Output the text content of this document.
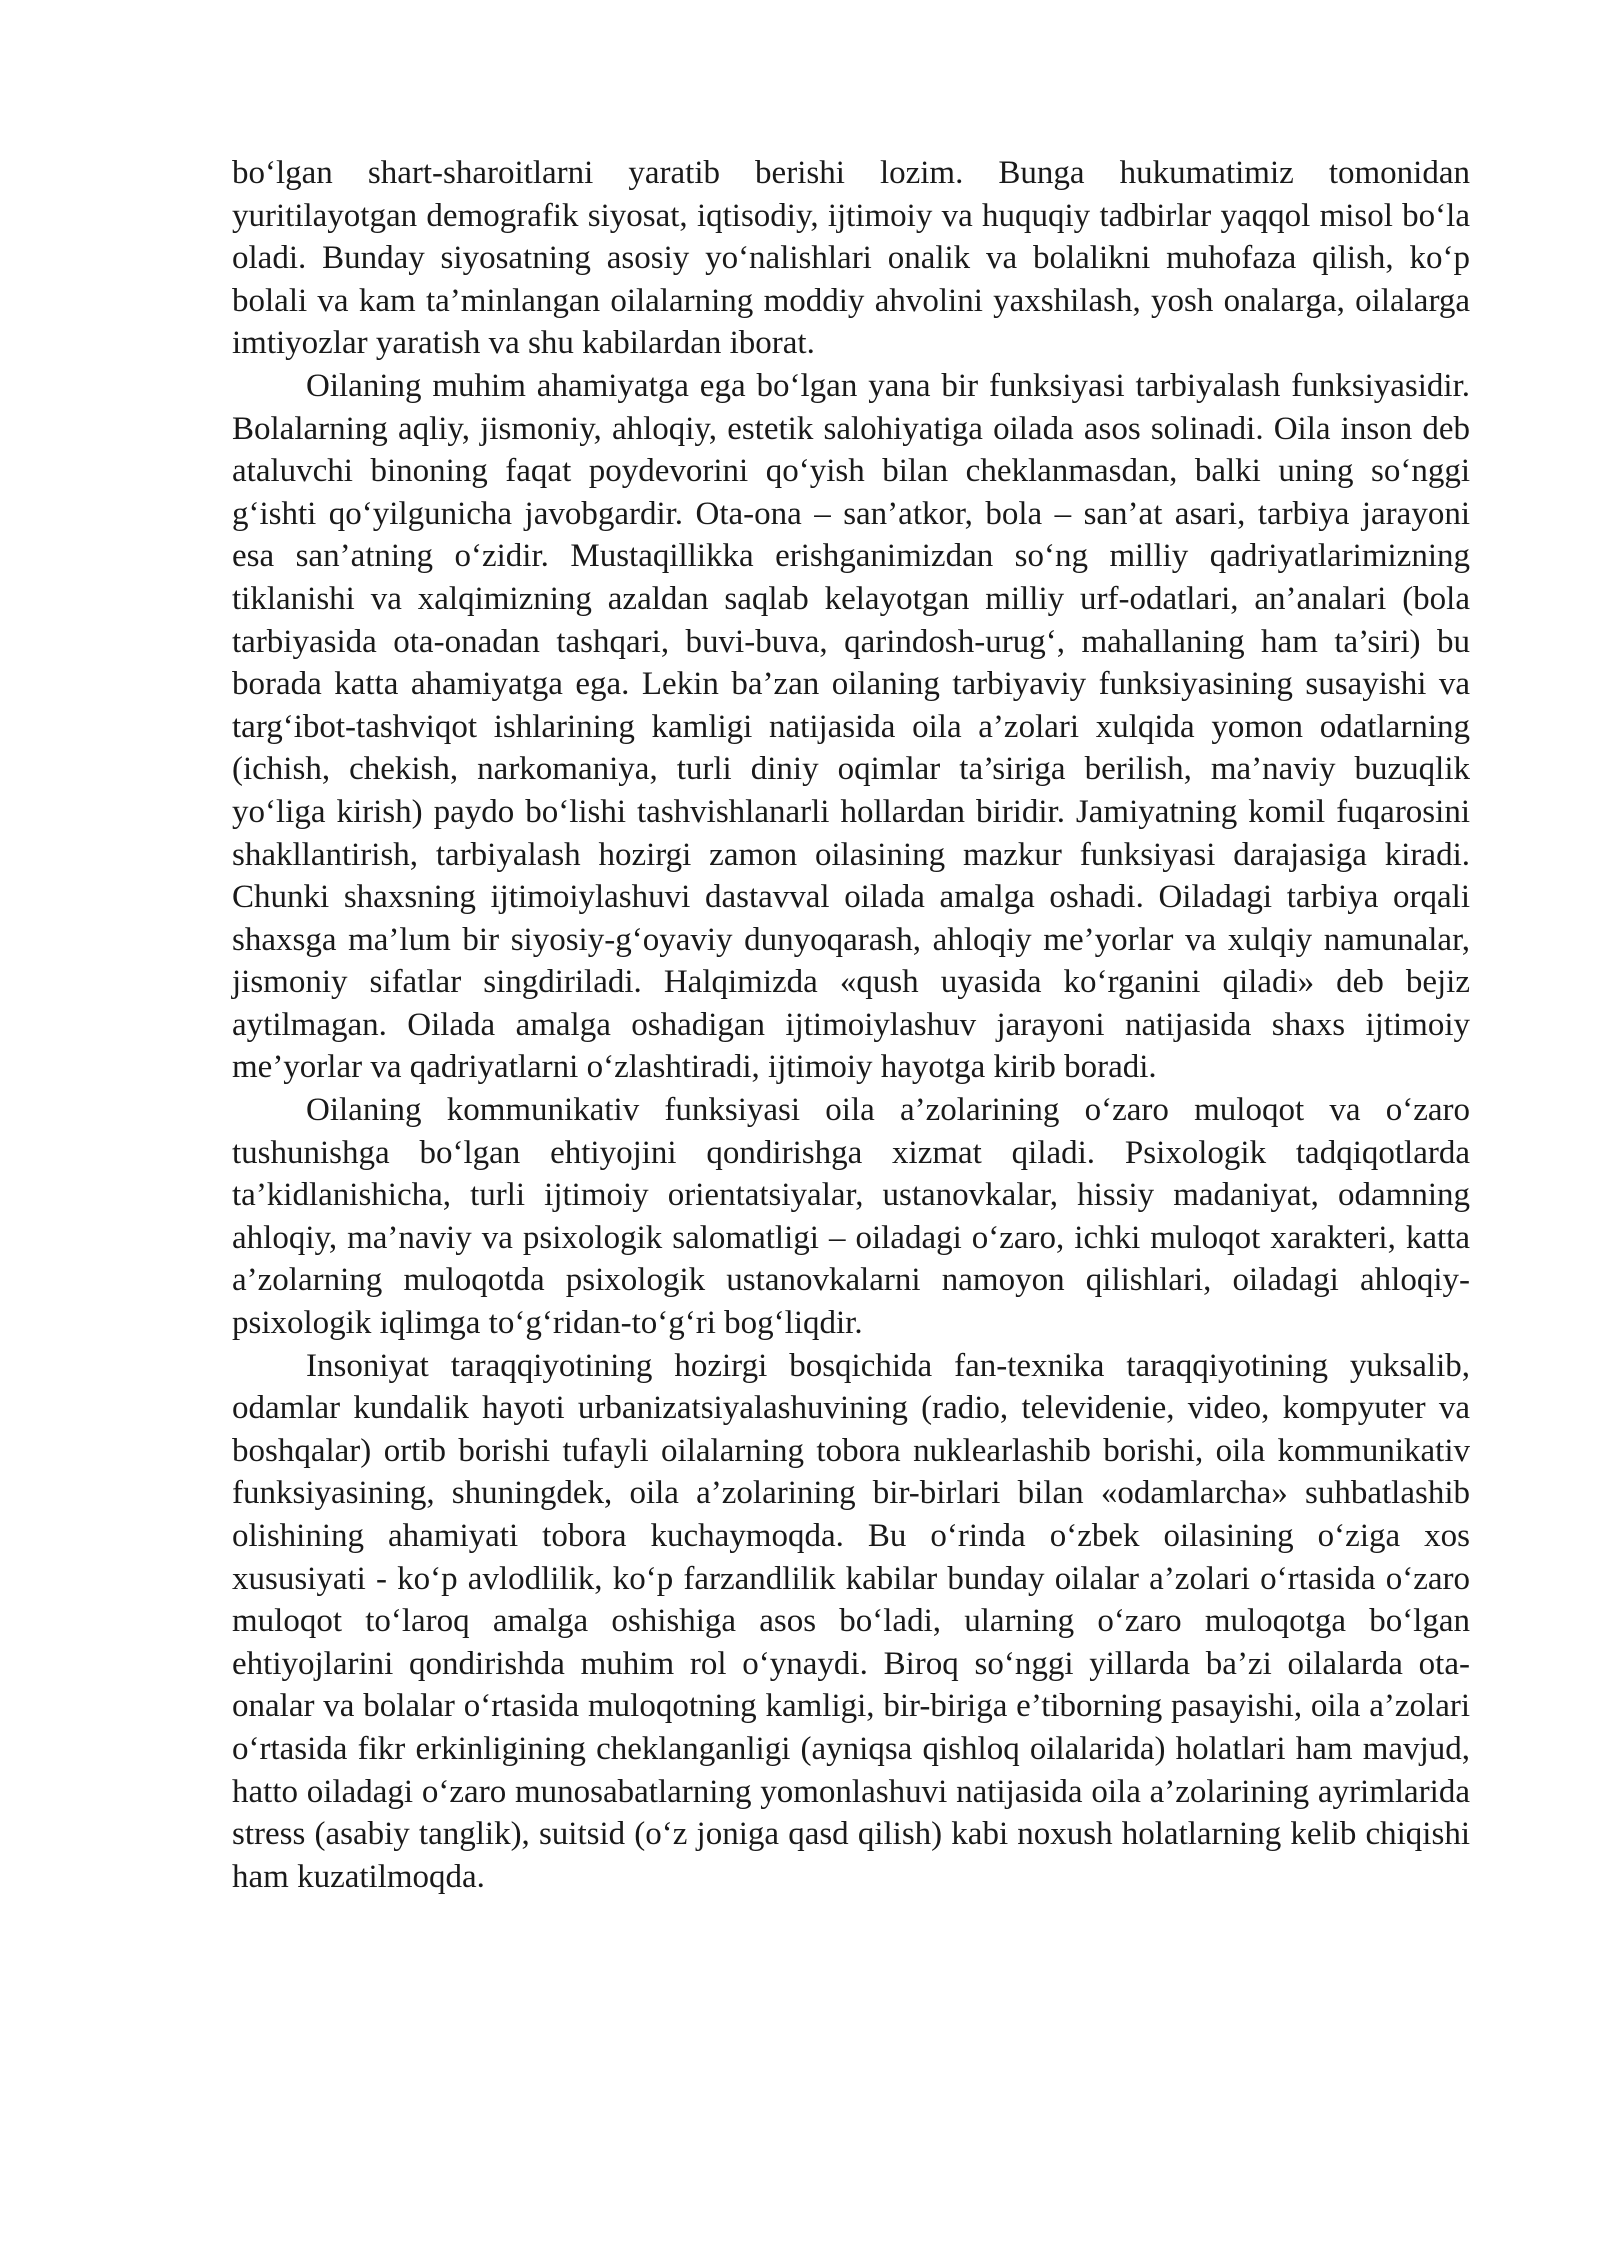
bo‘lgan shart-sharoitlarni yaratib berishi lozim. Bunga hukumatimiz tomonidan yuritilayotgan demografik siyosat, iqtisodiy, ijtimoiy va huquqiy tadbirlar yaqqol misol bo‘la oladi. Bunday siyosatning asosiy yo‘nalishlari onalik va bolalikni muhofaza qilish, ko‘p bolali va kam ta’minlangan oilalarning moddiy ahvolini yaxshilash, yosh onalarga, oilalarga imtiyozlar yaratish va shu kabilardan iborat.

Oilaning muhim ahamiyatga ega bo‘lgan yana bir funksiyasi tarbiyalash funksiyasidir. Bolalarning aqliy, jismoniy, ahloqiy, estetik salohiyatiga oilada asos solinadi. Oila inson deb ataluvchi binoning faqat poydevorini qo‘yish bilan cheklanmasdan, balki uning so‘nggi g‘ishti qo‘yilgunicha javobgardir. Ota-ona – san’atkor, bola – san’at asari, tarbiya jarayoni esa san’atning o‘zidir. Mustaqillikka erishganimizdan so‘ng milliy qadriyatlarimizning tiklanishi va xalqimizning azaldan saqlab kelayotgan milliy urf-odatlari, an’analari (bola tarbiyasida ota-onadan tashqari, buvi-buva, qarindosh-urug‘, mahallaning ham ta’siri) bu borada katta ahamiyatga ega. Lekin ba’zan oilaning tarbiyaviy funksiyasining susayishi va targ‘ibot-tashviqot ishlarining kamligi natijasida oila a’zolari xulqida yomon odatlarning (ichish, chekish, narkomaniya, turli diniy oqimlar ta’siriga berilish, ma’naviy buzuqlik yo‘liga kirish) paydo bo‘lishi tashvishlanarli hollardan biridir. Jamiyatning komil fuqarosini shakllantirish, tarbiyalash hozirgi zamon oilasining mazkur funksiyasi darajasiga kiradi. Chunki shaxsning ijtimoiylashuvi dastavval oilada amalga oshadi. Oiladagi tarbiya orqali shaxsga ma’lum bir siyosiy-g‘oyaviy dunyoqarash, ahloqiy me’yorlar va xulqiy namunalar, jismoniy sifatlar singdiriladi. Halqimizda «qush uyasida ko‘rganini qiladi» deb bejiz aytilmagan. Oilada amalga oshadigan ijtimoiylashuv jarayoni natijasida shaxs ijtimoiy me’yorlar va qadriyatlarni o‘zlashtiradi, ijtimoiy hayotga kirib boradi.

Oilaning kommunikativ funksiyasi oila a’zolarining o‘zaro muloqot va o‘zaro tushunishga bo‘lgan ehtiyojini qondirishga xizmat qiladi. Psixologik tadqiqotlarda ta’kidlanishicha, turli ijtimoiy orientatsiyalar, ustanovkalar, hissiy madaniyat, odamning ahloqiy, ma’naviy va psixologik salomatligi – oiladagi o‘zaro, ichki muloqot xarakteri, katta a’zolarning muloqotda psixologik ustanovkalarni namoyon qilishlari, oiladagi ahloqiy-psixologik iqlimga to‘g‘ridan-to‘g‘ri bog‘liqdir.

Insoniyat taraqqiyotining hozirgi bosqichida fan-texnika taraqqiyotining yuksalib, odamlar kundalik hayoti urbanizatsiyalashuvining (radio, televidenie, video, kompyuter va boshqalar) ortib borishi tufayli oilalarning tobora nuklearlashib borishi, oila kommunikativ funksiyasining, shuningdek, oila a’zolarining bir-birlari bilan «odamlarcha» suhbatlashib olishining ahamiyati tobora kuchaymoqda. Bu o‘rinda o‘zbek oilasining o‘ziga xos xususiyati - ko‘p avlodlilik, ko‘p farzandlilik kabilar bunday oilalar a’zolari o‘rtasida o‘zaro muloqot to‘laroq amalga oshishiga asos bo‘ladi, ularning o‘zaro muloqotga bo‘lgan ehtiyojlarini qondirishda muhim rol o‘ynaydi. Biroq so‘nggi yillarda ba’zi oilalarda ota-onalar va bolalar o‘rtasida muloqotning kamligi, bir-biriga e’tiborning pasayishi, oila a’zolari o‘rtasida fikr erkinligining cheklanganligi (ayniqsa qishloq oilalarida) holatlari ham mavjud, hatto oiladagi o‘zaro munosabatlarning yomonlashuvi natijasida oila a’zolarining ayrimlarida stress (asabiy tanglik), suitsid (o‘z joniga qasd qilish) kabi noxush holatlarning kelib chiqishi ham kuzatilmoqda.
